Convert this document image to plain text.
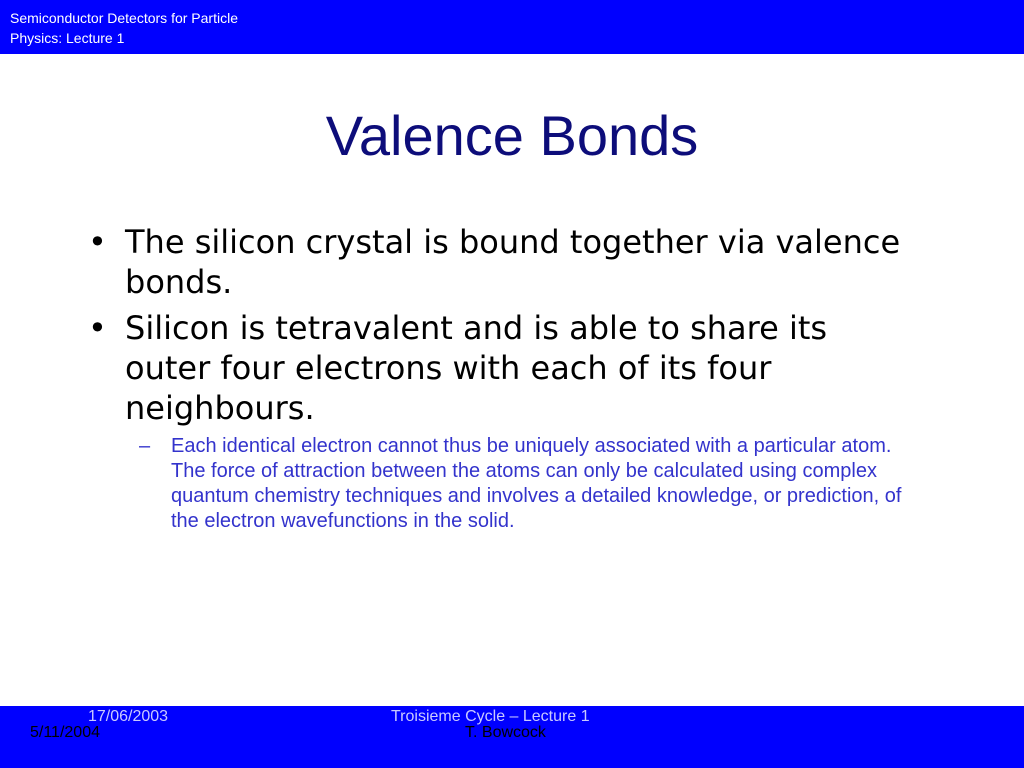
Semiconductor Detectors for Particle
Physics: Lecture 1
Valence Bonds
• The silicon crystal is bound together via valence bonds.
• Silicon is tetravalent and is able to share its outer four electrons with each of its four neighbours.
– Each identical electron cannot thus be uniquely associated with a particular atom. The force of attraction between the atoms can only be calculated using complex quantum chemistry techniques and involves a detailed knowledge, or prediction, of the electron wavefunctions in the solid.
17/06/2003
5/11/2004
Troisieme Cycle – Lecture 1
T. Bowcock
